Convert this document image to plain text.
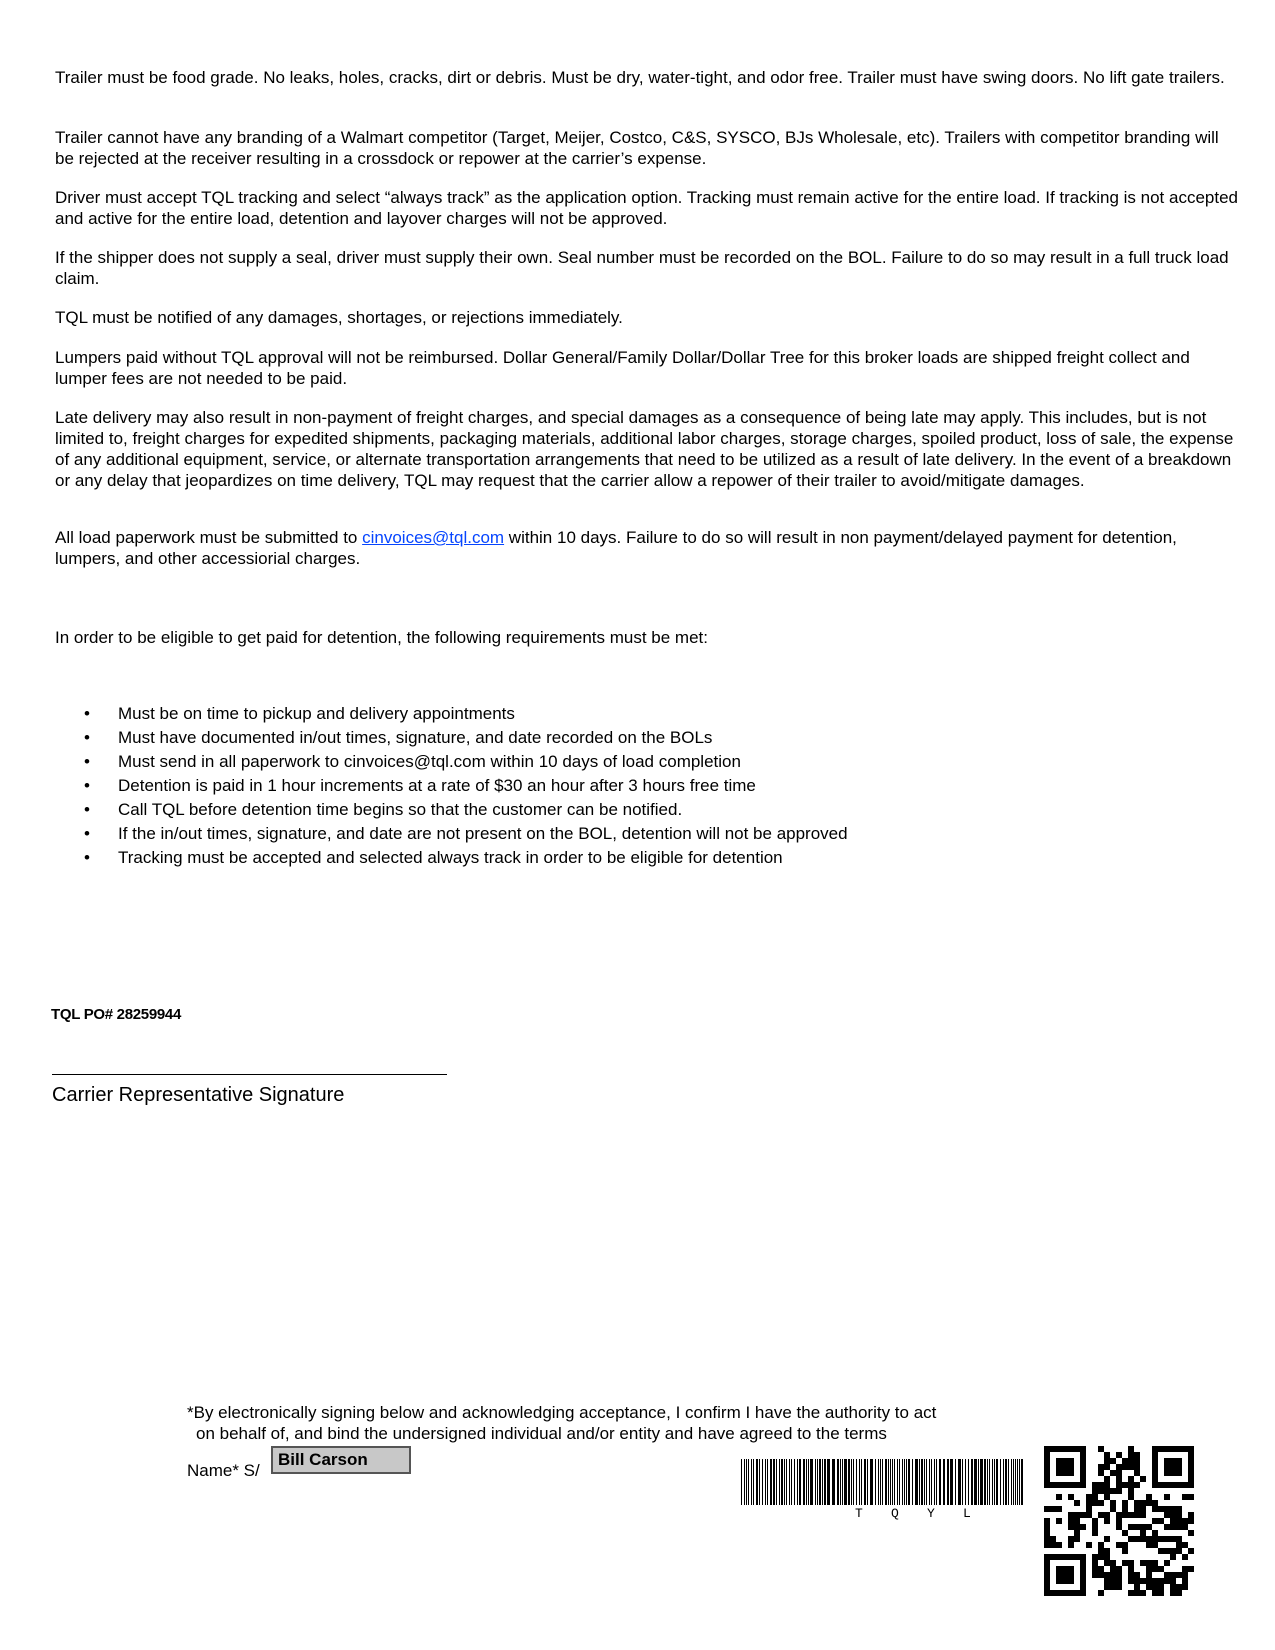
Trailer must be food grade. No leaks, holes, cracks, dirt or debris. Must be dry, water-tight, and odor free. Trailer must have swing doors. No lift gate trailers.

Trailer cannot have any branding of a Walmart competitor (Target, Meijer, Costco, C&S, SYSCO, BJs Wholesale, etc). Trailers with competitor branding will be rejected at the receiver resulting in a crossdock or repower at the carrier’s expense.

Driver must accept TQL tracking and select “always track” as the application option. Tracking must remain active for the entire load. If tracking is not accepted and active for the entire load, detention and layover charges will not be approved.

If the shipper does not supply a seal, driver must supply their own. Seal number must be recorded on the BOL. Failure to do so may result in a full truck load claim.

TQL must be notified of any damages, shortages, or rejections immediately.

Lumpers paid without TQL approval will not be reimbursed. Dollar General/Family Dollar/Dollar Tree for this broker loads are shipped freight collect and lumper fees are not needed to be paid.

Late delivery may also result in non-payment of freight charges, and special damages as a consequence of being late may apply. This includes, but is not limited to, freight charges for expedited shipments, packaging materials, additional labor charges, storage charges, spoiled product, loss of sale, the expense of any additional equipment, service, or alternate transportation arrangements that need to be utilized as a result of late delivery. In the event of a breakdown or any delay that jeopardizes on time delivery, TQL may request that the carrier allow a repower of their trailer to avoid/mitigate damages.

All load paperwork must be submitted to cinvoices@tql.com within 10 days. Failure to do so will result in non payment/delayed payment for detention, lumpers, and other accessiorial charges.

In order to be eligible to get paid for detention, the following requirements must be met:

• Must be on time to pickup and delivery appointments
• Must have documented in/out times, signature, and date recorded on the BOLs
• Must send in all paperwork to cinvoices@tql.com within 10 days of load completion
• Detention is paid in 1 hour increments at a rate of $30 an hour after 3 hours free time
• Call TQL before detention time begins so that the customer can be notified.
• If the in/out times, signature, and date are not present on the BOL, detention will not be approved
• Tracking must be accepted and selected always track in order to be eligible for detention
TQL PO# 28259944
Carrier Representative Signature
*By electronically signing below and acknowledging acceptance, I confirm I have the authority to act
on behalf of, and bind the undersigned individual and/or entity and have agreed to the terms
Name* S/
Bill Carson
T Q Y L
